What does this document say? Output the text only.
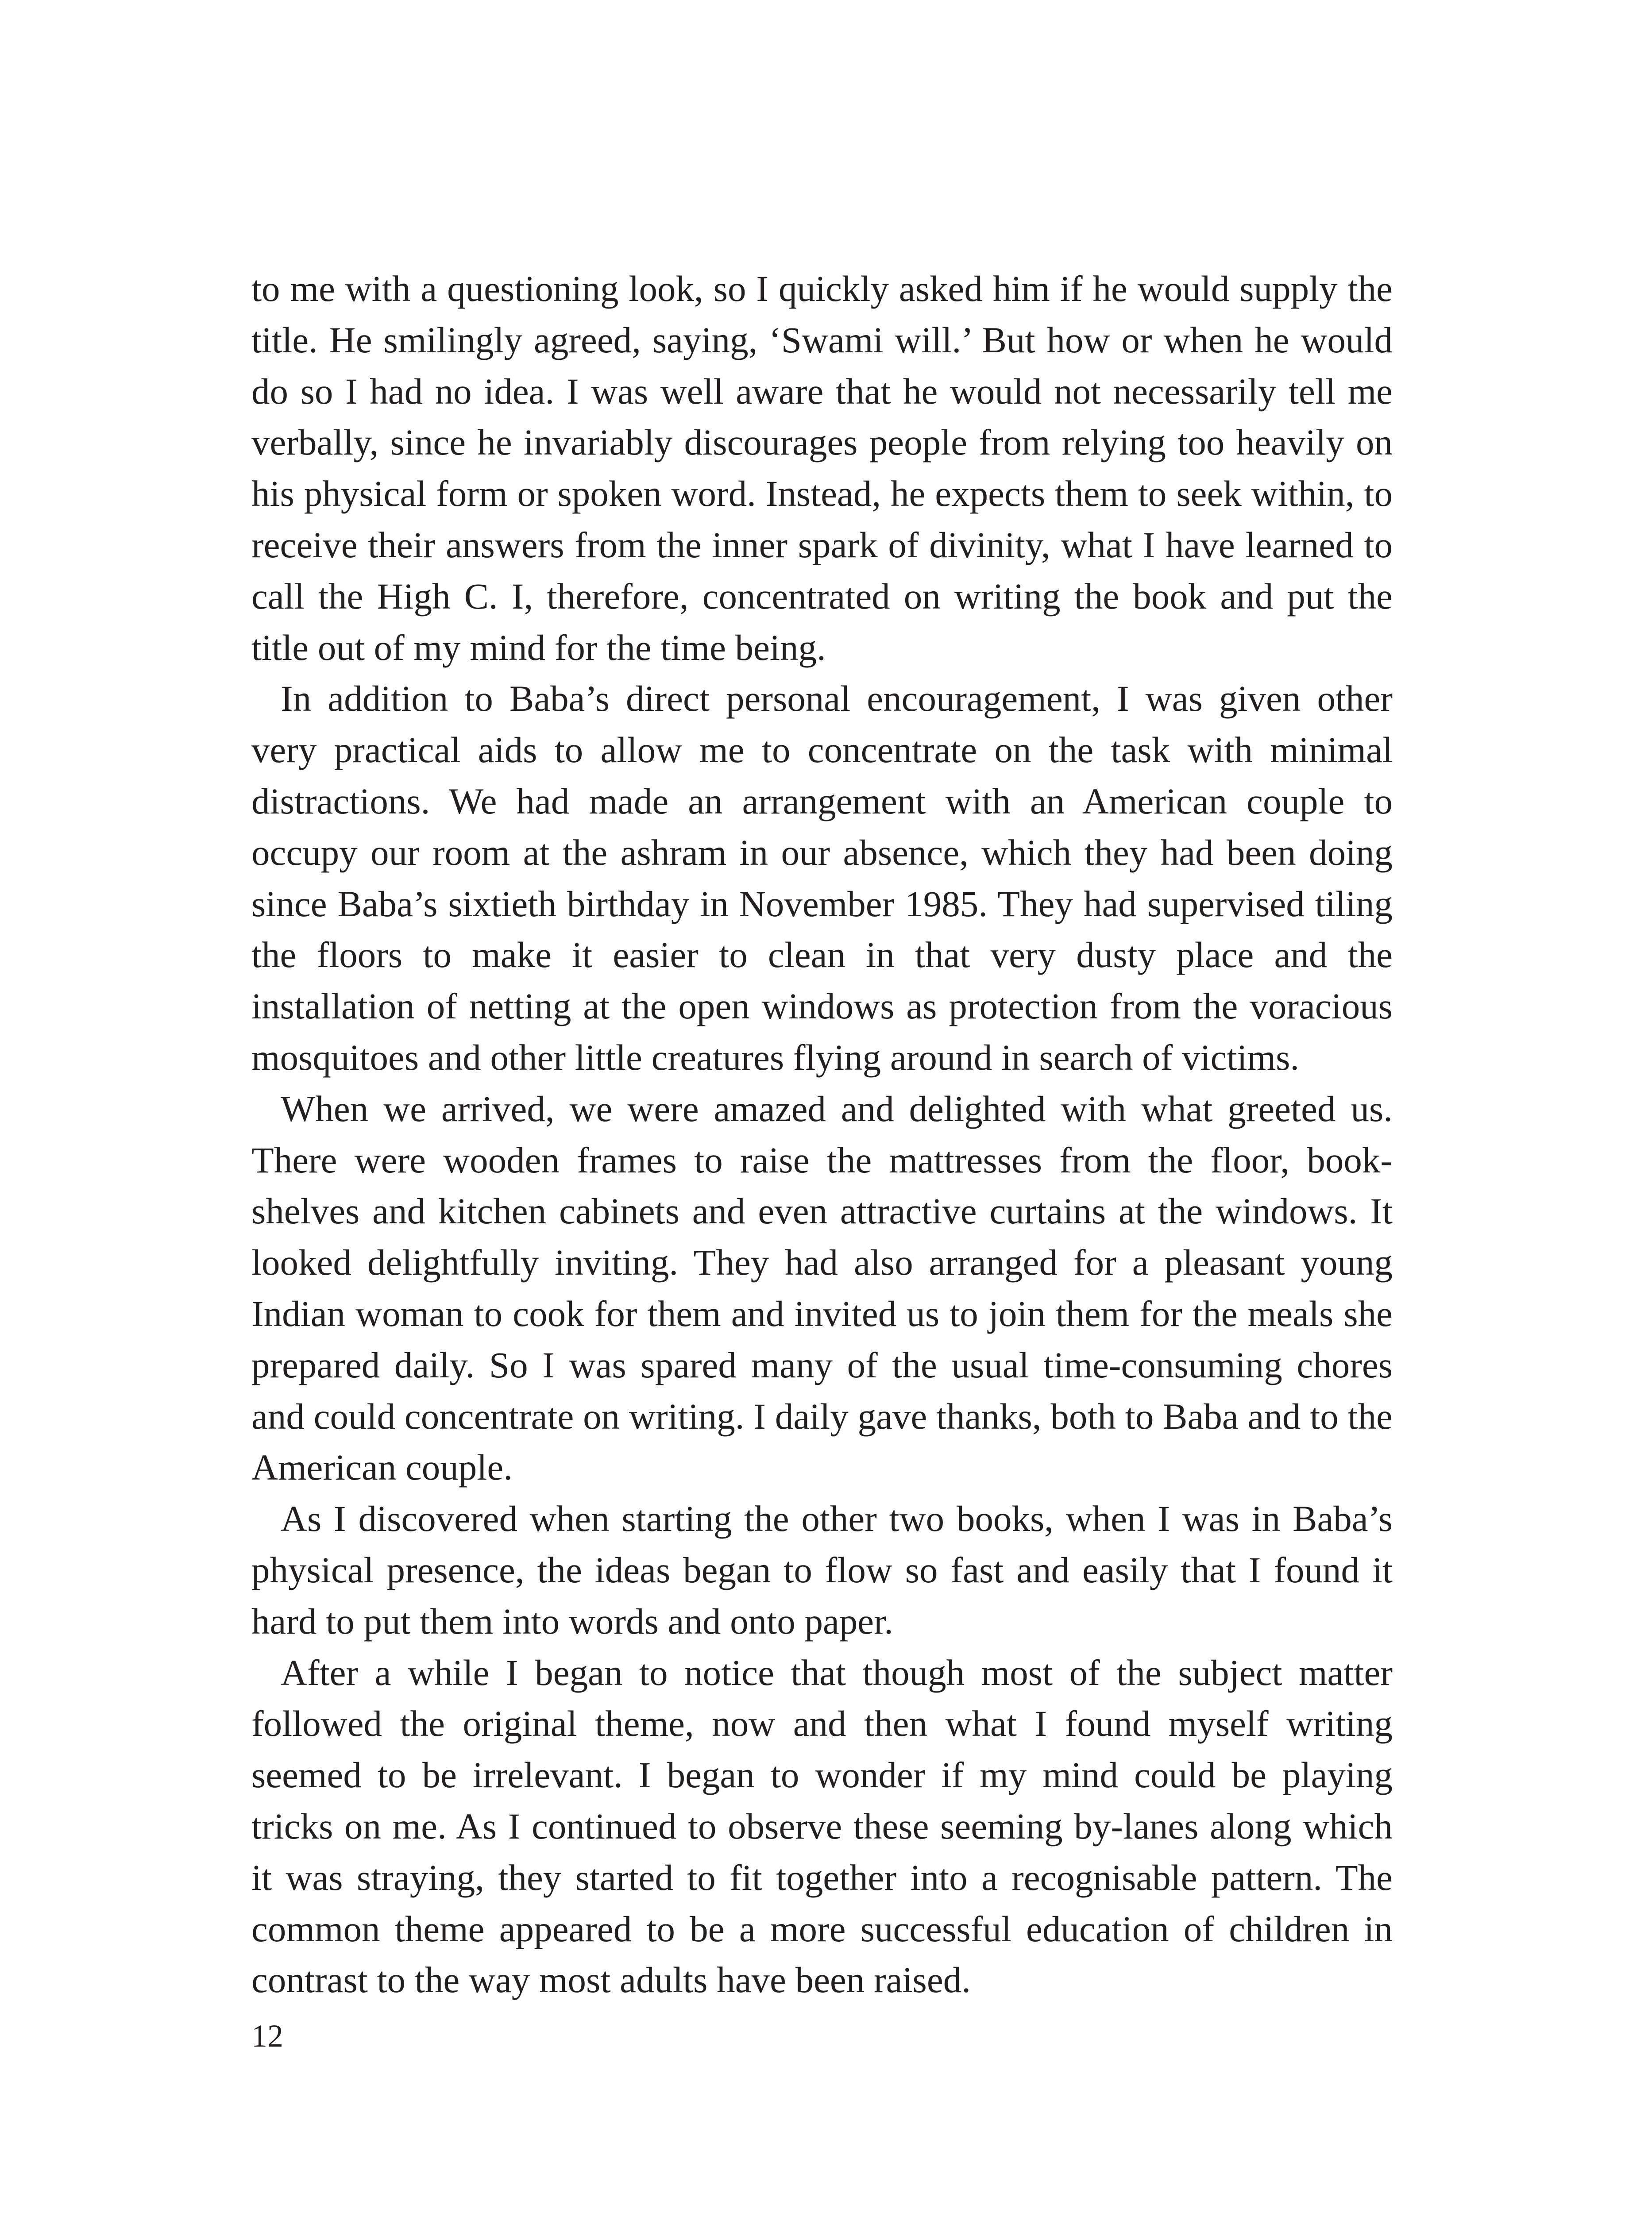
to me with a questioning look, so I quickly asked him if he would supply the title. He smilingly agreed, saying, ‘Swami will.’ But how or when he would do so I had no idea. I was well aware that he would not necessarily tell me verbally, since he invariably discourages people from relying too heavily on his physical form or spoken word. Instead, he expects them to seek within, to receive their answers from the inner spark of divinity, what I have learned to call the High C. I, therefore, concentrated on writing the book and put the title out of my mind for the time being.

In addition to Baba’s direct personal encouragement, I was given other very practical aids to allow me to concentrate on the task with minimal distractions. We had made an arrangement with an American couple to occupy our room at the ashram in our absence, which they had been doing since Baba’s sixtieth birthday in November 1985. They had supervised tiling the floors to make it easier to clean in that very dusty place and the installation of netting at the open windows as protection from the voracious mosquitoes and other little creatures flying around in search of victims.

When we arrived, we were amazed and delighted with what greeted us. There were wooden frames to raise the mattresses from the floor, bookshelves and kitchen cabinets and even attractive curtains at the windows. It looked delightfully inviting. They had also arranged for a pleasant young Indian woman to cook for them and invited us to join them for the meals she prepared daily. So I was spared many of the usual time-consuming chores and could concentrate on writing. I daily gave thanks, both to Baba and to the American couple.

As I discovered when starting the other two books, when I was in Baba’s physical presence, the ideas began to flow so fast and easily that I found it hard to put them into words and onto paper.

After a while I began to notice that though most of the subject matter followed the original theme, now and then what I found myself writing seemed to be irrelevant. I began to wonder if my mind could be playing tricks on me. As I continued to observe these seeming by-lanes along which it was straying, they started to fit together into a recognisable pattern. The common theme appeared to be a more successful education of children in contrast to the way most adults have been raised.

12
